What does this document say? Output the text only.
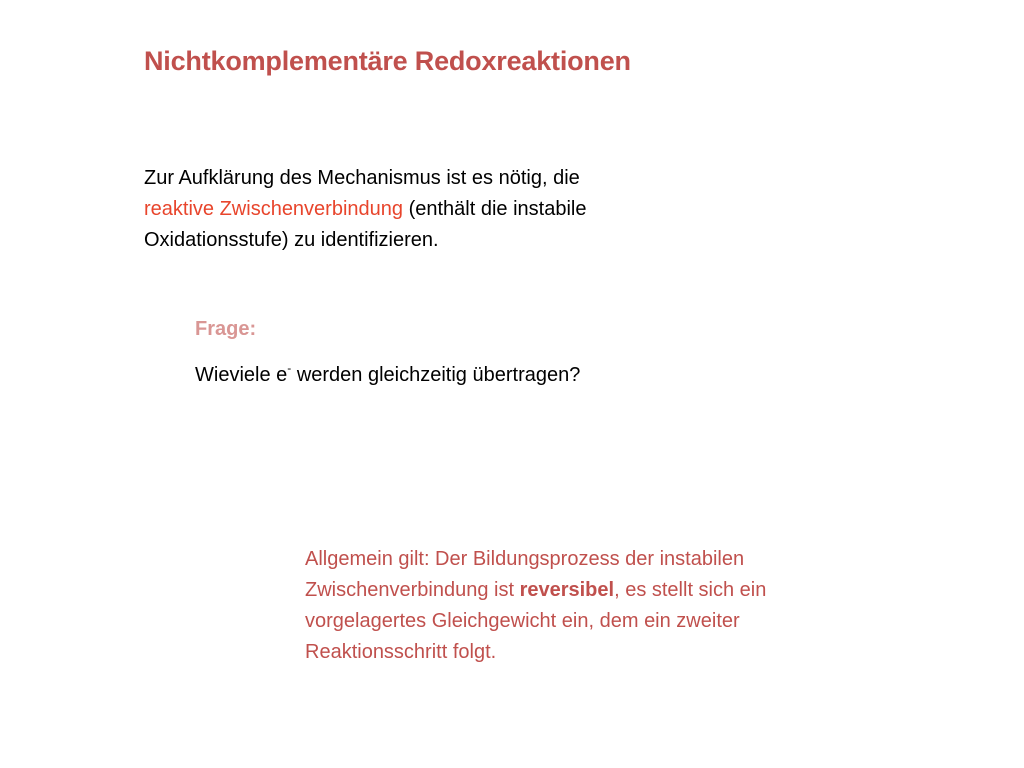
Nichtkomplementäre Redoxreaktionen
Zur Aufklärung des Mechanismus ist es nötig, die
reaktive Zwischenverbindung (enthält die instabile
Oxidationsstufe) zu identifizieren.
Frage:
Wieviele e- werden gleichzeitig übertragen?
Allgemein gilt: Der Bildungsprozess der instabilen
Zwischenverbindung ist reversibel, es stellt sich ein
vorgelagertes Gleichgewicht ein, dem ein zweiter
Reaktionsschritt folgt.
